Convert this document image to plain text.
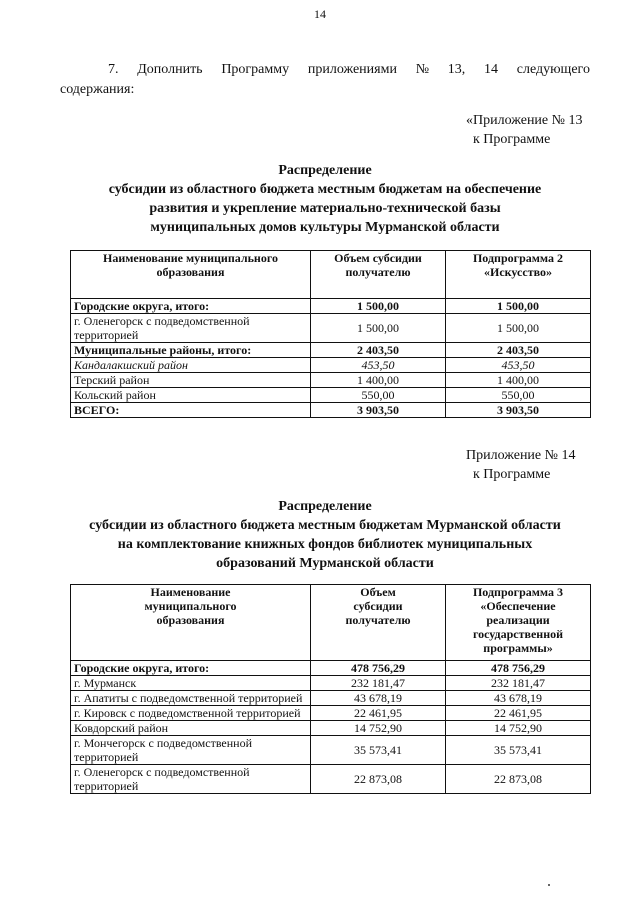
14
7. Дополнить Программу приложениями № 13, 14 следующего
содержания:
«Приложение № 13
к Программе
Распределение
субсидии из областного бюджета местным бюджетам на обеспечение
развития и укрепление материально-технической базы
муниципальных домов культуры Мурманской области
Наименование муниципального образования	Объем субсидии получателю	Подпрограмма 2 «Искусство»
Городские округа, итого:	1 500,00	1 500,00
г. Оленегорск с подведомственной территорией	1 500,00	1 500,00
Муниципальные районы, итого:	2 403,50	2 403,50
Кандалакшский район	453,50	453,50
Терский район	1 400,00	1 400,00
Кольский район	550,00	550,00
ВСЕГО:	3 903,50	3 903,50
Приложение № 14
к Программе
Распределение
субсидии из областного бюджета местным бюджетам Мурманской области
на комплектование книжных фондов библиотек муниципальных
образований Мурманской области
Наименование муниципального образования	Объем субсидии получателю	Подпрограмма 3 «Обеспечение реализации государственной программы»
Городские округа, итого:	478 756,29	478 756,29
г. Мурманск	232 181,47	232 181,47
г. Апатиты с подведомственной территорией	43 678,19	43 678,19
г. Кировск с подведомственной территорией	22 461,95	22 461,95
Ковдорский район	14 752,90	14 752,90
г. Мончегорск с подведомственной территорией	35 573,41	35 573,41
г. Оленегорск с подведомственной территорией	22 873,08	22 873,08
